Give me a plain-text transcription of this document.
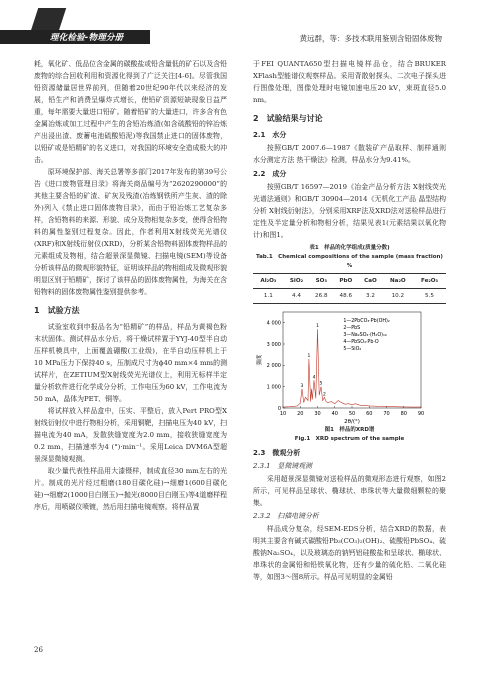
理化检验-物理分册	黄远群，等：多技术联用鉴别含铅固体废物

耗，氧化矿、低品位含金属的碳酸盐或铅含量低的矿石以及含铅废物的综合回收利用和资源化得到了广泛关注[4-6]。尽管我国铅资源储量居世界前列，但随着20世纪90年代以来经济的发展，铅生产和消费呈爆炸式增长，使铅矿资源短缺现象日益严重，每年需要大量进口铅矿。随着铅矿的大量进口，许多含有色金属冶炼或加工过程中产生的含铅冶炼渣(如含硫酸铅的锌冶炼产出浸出渣、废蓄电池硫酸铅泥)等我国禁止进口的固体废物，以铅矿或是铅精矿的名义进口，对我国的环境安全造成极大的冲击。

原环境保护部、海关总署等多部门2017年发布的第39号公告《进口废物管理目录》将海关商品编号为“2620290000”的其他主要含铅的矿渣、矿灰及残渣(冶炼钢铁所产生灰、渣的除外)列入《禁止进口固体废物目录》，而由于铅冶炼工艺复杂多样，含铅物料的来源、形貌、成分及物相复杂多变，使得含铅物料的属性鉴别过程复杂。因此，作者利用X射线荧光光谱仪(XRF)和X射线衍射仪(XRD)，分析某含铅物料固体废物样品的元素组成及物相，结合超景深显微镜、扫描电镜(SEM)等设备分析该样品的微观形貌特征，证明该样品的物相组成及微观形貌明显区别于铅精矿，探讨了该样品的固体废物属性，为海关在含铅物料的固体废物属性鉴别提供参考。

1　试验方法

试验室收到申报品名为“铅精矿”的样品，样品为黄褐色粉末状固体。测试样品水分后，将干燥试样置于YYJ-40型半自动压样机模具中，上面覆盖硼酸(工业级)，在半自动压样机上于10 MPa压力下保持40 s，压制成尺寸为ϕ40 mm×4 mm的测试样片，在ZETIUM型X射线荧光光谱仪上，利用无标样半定量分析软件进行化学成分分析，工作电压为60 kV，工作电流为50 mA，晶体为PET、铜等。

将试样放入样品盒中，压实、平整后，放入Pert PRO型X射线衍射仪中进行物相分析，采用铜靶，扫描电压为40 kV，扫描电流为40 mA，发散狭缝宽度为2.0 mm，接收狭缝宽度为0.2 mm，扫描速率为4 (°)·min⁻¹。采用Leica DVM6A型超景深显微镜观测。

取少量代表性样品用大漆镊样，制成直径30 mm左右的光片。制成的光片经过粗磨(180目碳化硅)→细磨1(600目碳化硅)→细磨2(1000目白刚玉)→抛光(8000目白刚玉)等4道磨样程序后，用喷碳仪喷镀，然后用扫描电镜观察。将样品置

于FEI QUANTA650型扫描电镜样品仓，结合BRUKER XFlash型能谱仪观察样品。采用背散射探头、二次电子探头进行图像处理，图像处理时电镜加速电压20 kV，束斑直径5.0 nm。

2　试验结果与讨论
2.1　水分

按照GB/T 2007.6—1987《散装矿产品取样、制样通则 水分测定方法 热干燥法》检测，样品水分为9.41%。

2.2　成分

按照GB/T 16597—2019《冶金产品分析方法 X射线荧光光谱法通则》和GB/T 30904—2014《无机化工产品 晶型结构分析 X射线衍射法》，分别采用XRF法及XRD法对送检样品进行定性及半定量分析和物相分析，结果见表1(元素结果以氧化物计)和图1。

表1　样品的化学组成(质量分数)
Tab.1　Chemical compositions of the sample (mass fraction)　%
Al₂O₃	SiO₂	SO₃	PbO	CaO	Na₂O	Fe₂O₃
1.1	4.4	26.8	48.6	3.2	10.2	5.5
10 20 30 40 50 60 70 80 90
0
1 000
2 000
3 000
4 000
2θ/(°)
强度
3
1
4
1
5
2
1—2PbCO₃·Pb(OH)₂
2—PbS
3—Na₂SO₄·(H₂O)₁₀
4—PbSO₄·Pb·O
5—SiO₂
图1　样品的XRD谱
Fig.1　XRD spectrum of the sample
2.3　微观分析
2.3.1　显微镜观测

采用超景深显微镜对送检样品的微观形态进行观察，如图2所示，可见样品呈球状、椭球状、串珠状等大量微细颗粒的聚集。

2.3.2　扫描电镜分析

样品成分复杂，经SEM-EDS分析，结合XRD的数据，表明其主要含有碱式碳酸铅Pb₃(CO₃)₂(OH)₂、硫酸铅PbSO₄、硫酸钠Na₂SO₄，以及玻璃态的钠钙铝硅酸盐和呈球状、椭球状、串珠状的金属铅和铅铁氧化物，还有少量的硫化铅、二氧化硅等，如图3～图8所示。样品可见明显的金属铅

26
